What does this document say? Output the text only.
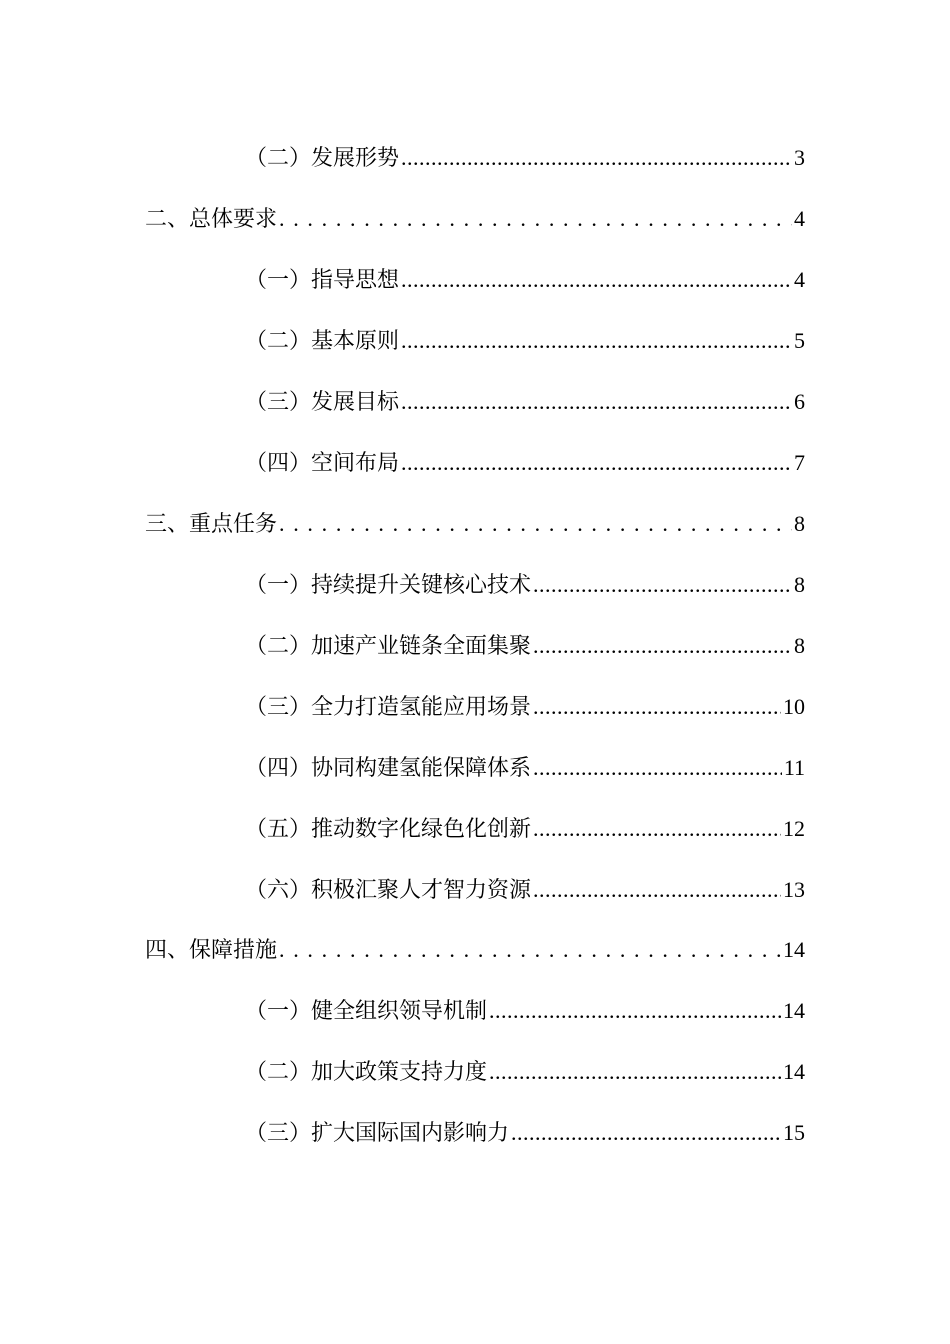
（二）发展形势 .....	3
二、总体要求 . . .	4
（一）指导思想 .....	4
（二）基本原则 .....	5
（三）发展目标 .....	6
（四）空间布局 .....	7
三、重点任务 . . .	8
（一）持续提升关键核心技术 .....	8
（二）加速产业链条全面集聚 .....	8
（三）全力打造氢能应用场景 .....	10
（四）协同构建氢能保障体系 .....	11
（五）推动数字化绿色化创新 .....	12
（六）积极汇聚人才智力资源 .....	13
四、保障措施 . . .	14
（一）健全组织领导机制 .....	14
（二）加大政策支持力度 .....	14
（三）扩大国际国内影响力 .....	15
